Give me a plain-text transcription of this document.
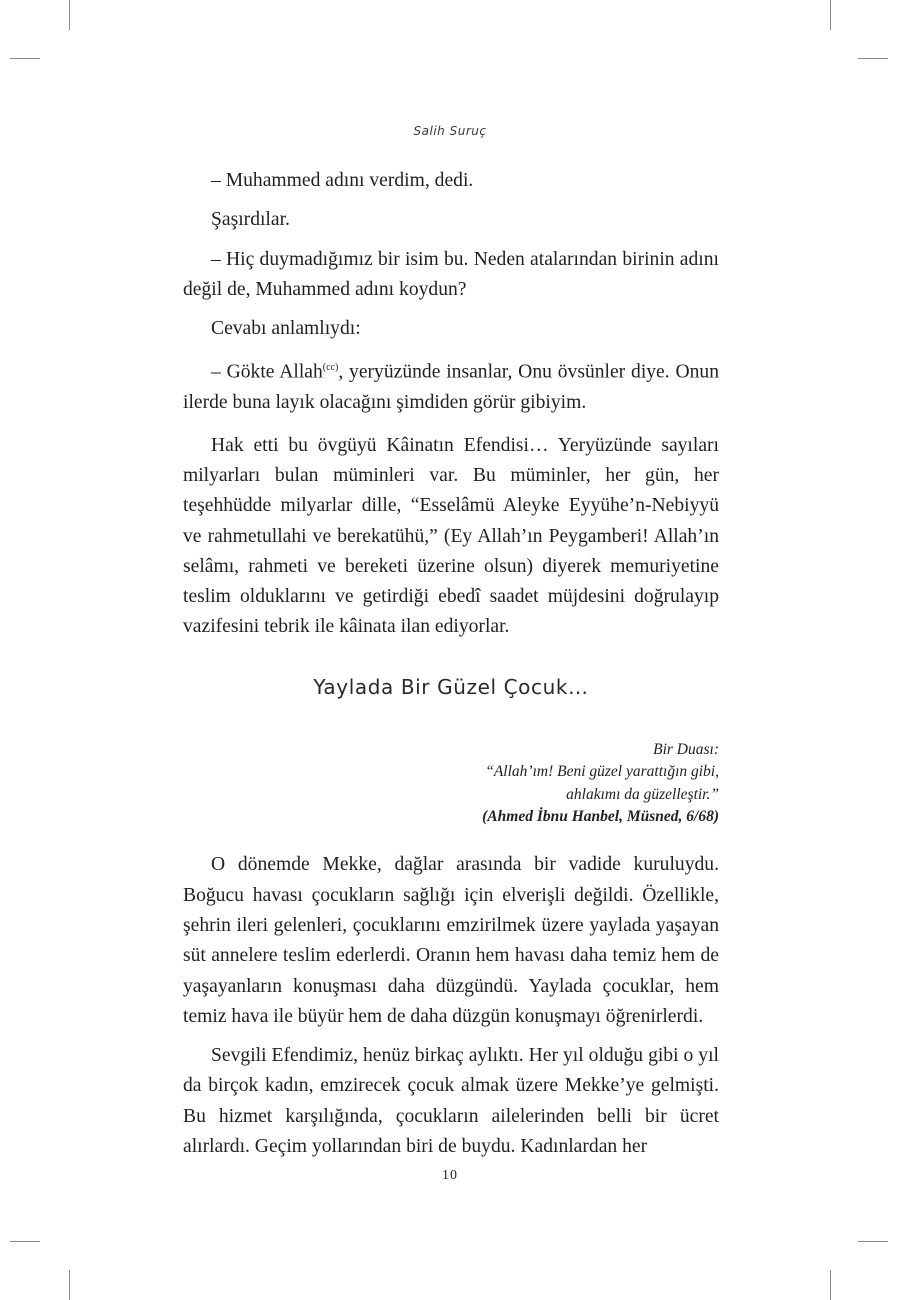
Salih Suruç

– Muhammed adını verdim, dedi.

Şaşırdılar.

– Hiç duymadığımız bir isim bu. Neden atalarından birinin adını değil de, Muhammed adını koydun?

Cevabı anlamlıydı:

– Gökte Allah$^{(cc)}$, yeryüzünde insanlar, Onu övsünler diye. Onun ilerde buna layık olacağını şimdiden görür gibiyim.

Hak etti bu övgüyü Kâinatın Efendisi… Yeryüzünde sayıları milyarları bulan müminleri var. Bu müminler, her gün, her teşehhüdde milyarlar dille, “Esselâmü Aleyke Eyyühe’n-Nebiyyü ve rahmetullahi ve berekatühü,” (Ey Allah’ın Peygamberi! Allah’ın selâmı, rahmeti ve bereketi üzerine olsun) diyerek memuriyetine teslim olduklarını ve getirdiği ebedî saadet müjdesini doğrulayıp vazifesini tebrik ile kâinata ilan ediyorlar.

Yaylada Bir Güzel Çocuk…
Bir Duası:
“Allah’ım! Beni güzel yarattığın gibi,
ahlakımı da güzelleştir.”
(Ahmed İbnu Hanbel, Müsned, 6/68)

O dönemde Mekke, dağlar arasında bir vadide kuruluydu. Boğucu havası çocukların sağlığı için elverişli değildi. Özellikle, şehrin ileri gelenleri, çocuklarını emzirilmek üzere yaylada yaşayan süt annelere teslim ederlerdi. Oranın hem havası daha temiz hem de yaşayanların konuşması daha düzgündü. Yaylada çocuklar, hem temiz hava ile büyür hem de daha düzgün konuşmayı öğrenirlerdi.

Sevgili Efendimiz, henüz birkaç aylıktı. Her yıl olduğu gibi o yıl da birçok kadın, emzirecek çocuk almak üzere Mekke’ye gelmişti. Bu hizmet karşılığında, çocukların ailelerinden belli bir ücret alırlardı. Geçim yollarından biri de buydu. Kadınlardan her

10
